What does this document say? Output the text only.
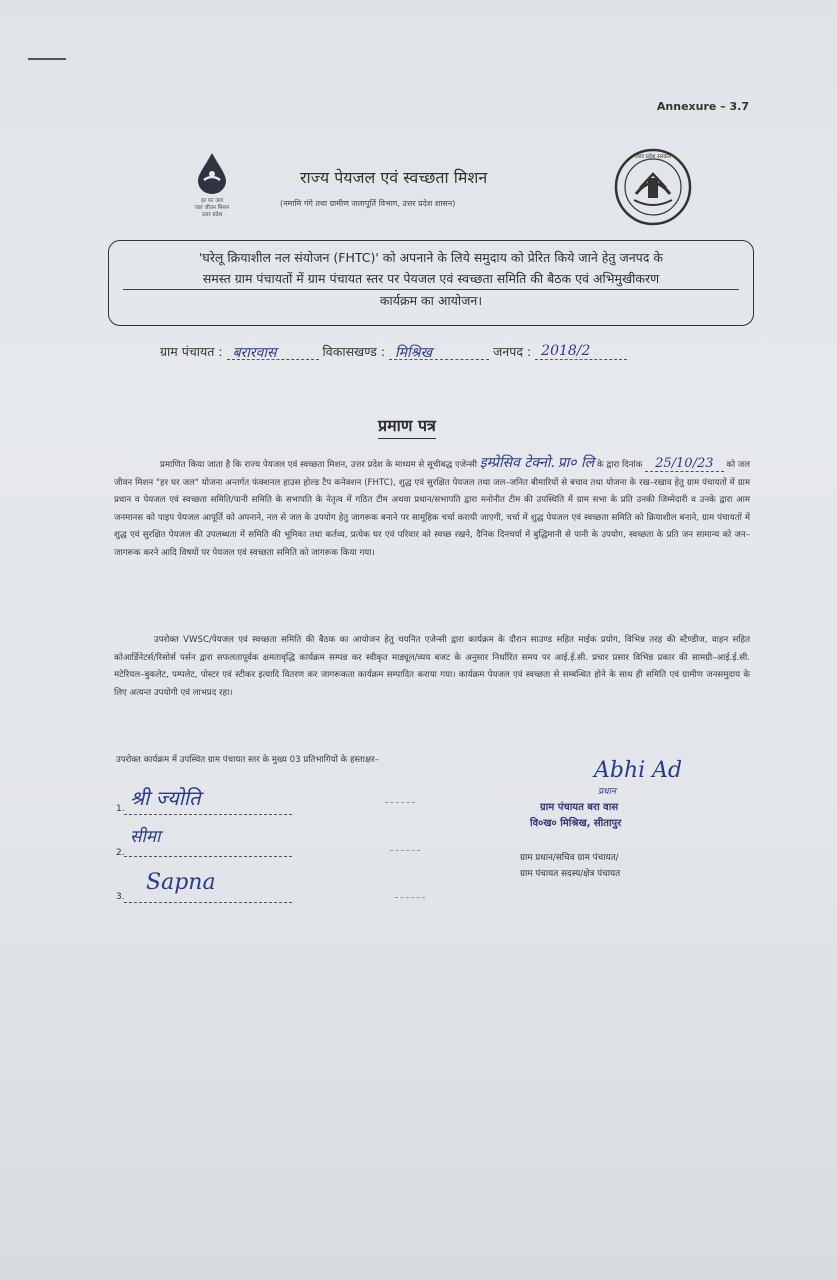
Annexure – 3.7
हर घर जल
जल जीवन मिशन
उत्तर प्रदेश
राज्य पेयजल एवं स्वच्छता मिशन
(नमामि गंगे तथा ग्रामीण जलापूर्ति विभाग, उत्तर प्रदेश शासन)
उत्तर प्रदेश सरकार
'घरेलू क्रियाशील नल संयोजन (FHTC)' को अपनाने के लिये समुदाय को प्रेरित किये जाने हेतु जनपद के
समस्त ग्राम पंचायतों में ग्राम पंचायत स्तर पर पेयजल एवं स्वच्छता समिति की बैठक एवं अभिमुखीकरण
कार्यक्रम का आयोजन।
ग्राम पंचायत : बरारवास	विकासखण्ड : मिश्रिख	जनपद : 2018/2
प्रमाण पत्र
प्रमाणित किया जाता है कि राज्य पेयजल एवं स्वच्छता मिशन, उत्तर प्रदेश के माध्यम से सूचीबद्ध एजेन्सी इम्प्रेसिव टेक्नो. प्रा० लि के द्वारा दिनांक 25/10/23 को जल जीवन मिशन "हर घर जल" योजना अन्तर्गत फंक्शनल हाउस होल्ड टैप कनेक्शन (FHTC), शुद्ध एवं सुरक्षित पेयजल तथा जल–जनित बीमारियों से बचाव तथा योजना के रख–रखाव हेतु ग्राम पंचायतों में ग्राम प्रधान व पेयजल एवं स्वच्छता समिति/पानी समिति के सभापति के नेतृत्व में गठित टीम अथवा प्रधान/सभापति द्वारा मनोनीत टीम की उपस्थिति में ग्राम सभा के प्रति उनकी जिम्मेदारी व उनके द्वारा आम जनमानस को पाइप पेयजल आपूर्ति को अपनाने, नल से जल के उपयोग हेतु जागरूक बनाने पर सामूहिक चर्चा करायी जाएगी, चर्चा में शुद्ध पेयजल एवं स्वच्छता समिति को क्रियाशील बनाने, ग्राम पंचायतों में शुद्ध एवं सुरक्षित पेयजल की उपलब्धता में समिति की भूमिका तथा कर्तव्य, प्रत्येक घर एवं परिवार को स्वच्छ रखने, दैनिक दिनचर्या में बुद्धिमानी से पानी के उपयोग, स्वच्छता के प्रति जन सामान्य को जन–जागरूक करने आदि विषयों पर पेयजल एवं स्वच्छता समिति को जागरूक किया गया।
उपरोक्त VWSC/पेयजल एवं स्वच्छता समिति की बैठक का आयोजन हेतु चयनित एजेन्सी द्वारा कार्यक्रम के दौरान साउण्ड सहित माईक प्रयोग, विभिन्न तरह की स्टैण्डीज, वाहन सहित कोआर्डिनेटर्स/रिसोर्स पर्सन द्वारा सफलतापूर्वक क्षमतावृद्धि कार्यक्रम सम्पन्न कर स्वीकृत माड्यूल/व्यय बजट के अनुसार निर्धारित समय पर आई.ई.सी. प्रचार प्रसार विभिन्न प्रकार की सामग्री–आई.ई.सी. मटेरियल–बुकलेट, पम्पलेट, पोस्टर एवं स्टीकर इत्यादि वितरण कर जागरूकता कार्यक्रम सम्पादित कराया गया। कार्यक्रम पेयजल एवं स्वच्छता से सम्बन्धित होने के साथ ही समिति एवं ग्रामीण जनसमुदाय के लिए अत्यन्त उपयोगी एवं लाभप्रद रहा।
उपरोक्त कार्यक्रम में उपस्थित ग्राम पंचायत स्तर के मुख्य 03 प्रतिभागियों के हस्ताक्षर–
श्री ज्योति
1.
सीमा
2.
Sapna
3.
Abhi Ad
प्रधान
ग्राम पंचायत बरा वास
वि०ख० मिश्रिख, सीतापुर
ग्राम प्रधान/सचिव ग्राम पंचायत/
ग्राम पंचायत सदस्य/क्षेत्र पंचायत
